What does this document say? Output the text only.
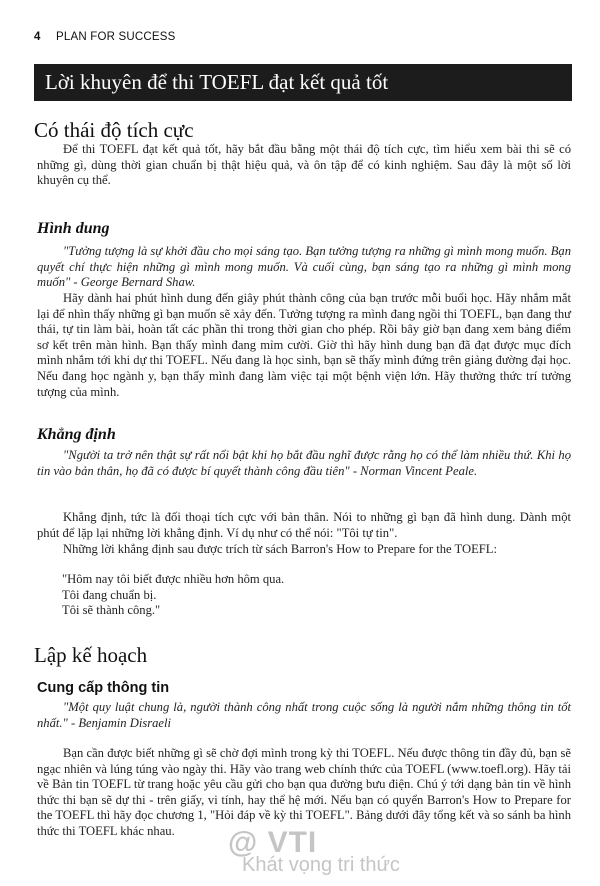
4 PLAN FOR SUCCESS
Lời khuyên để thi TOEFL đạt kết quả tốt
Có thái độ tích cực

Để thi TOEFL đạt kết quả tốt, hãy bắt đầu bằng một thái độ tích cực, tìm hiểu xem bài thi sẽ có những gì, dùng thời gian chuẩn bị thật hiệu quả, và ôn tập để có kinh nghiệm. Sau đây là một số lời khuyên cụ thể.

Hình dung

"Tưởng tượng là sự khởi đầu cho mọi sáng tạo. Bạn tưởng tượng ra những gì mình mong muốn. Bạn quyết chí thực hiện những gì mình mong muốn. Và cuối cùng, bạn sáng tạo ra những gì mình mong muốn" - George Bernard Shaw.

Hãy dành hai phút hình dung đến giây phút thành công của bạn trước mỗi buổi học. Hãy nhắm mắt lại để nhìn thấy những gì bạn muốn sẽ xảy đến. Tưởng tượng ra mình đang ngồi thi TOEFL, bạn đang thư thái, tự tin làm bài, hoàn tất các phần thi trong thời gian cho phép. Rồi bây giờ bạn đang xem bảng điểm sơ kết trên màn hình. Bạn thấy mình đang mỉm cười. Giờ thì hãy hình dung bạn đã đạt được mục đích mình nhắm tới khi dự thi TOEFL. Nếu đang là học sinh, bạn sẽ thấy mình đứng trên giảng đường đại học. Nếu đang học ngành y, bạn thấy mình đang làm việc tại một bệnh viện lớn. Hãy thưởng thức trí tưởng tượng của mình.

Khẳng định

"Người ta trở nên thật sự rất nổi bật khi họ bắt đầu nghĩ được rằng họ có thể làm nhiều thứ. Khi họ tin vào bản thân, họ đã có được bí quyết thành công đầu tiên" - Norman Vincent Peale.

Khẳng định, tức là đối thoại tích cực với bản thân. Nói to những gì bạn đã hình dung. Dành một phút để lặp lại những lời khẳng định. Ví dụ như có thể nói: "Tôi tự tin".

Những lời khẳng định sau được trích từ sách Barron's How to Prepare for the TOEFL:

"Hôm nay tôi biết được nhiều hơn hôm qua.
Tôi đang chuẩn bị.
Tôi sẽ thành công."
Lập kế hoạch
Cung cấp thông tin

"Một quy luật chung là, người thành công nhất trong cuộc sống là người nắm những thông tin tốt nhất." - Benjamin Disraeli

Bạn cần được biết những gì sẽ chờ đợi mình trong kỳ thi TOEFL. Nếu được thông tin đầy đủ, bạn sẽ ngạc nhiên và lúng túng vào ngày thi. Hãy vào trang web chính thức của TOEFL (www.toefl.org). Hãy tải về Bản tin TOEFL từ trang hoặc yêu cầu gửi cho bạn qua đường bưu điện. Chú ý tới dạng bản tin về hình thức thi bạn sẽ dự thi - trên giấy, vi tính, hay thể hệ mới. Nếu bạn có quyển Barron's How to Prepare for the TOEFL thì hãy đọc chương 1, "Hỏi đáp về kỳ thi TOEFL". Bảng dưới đây tổng kết và so sánh ba hình thức thi TOEFL khác nhau.	@ VTI
Khát vọng tri thức
